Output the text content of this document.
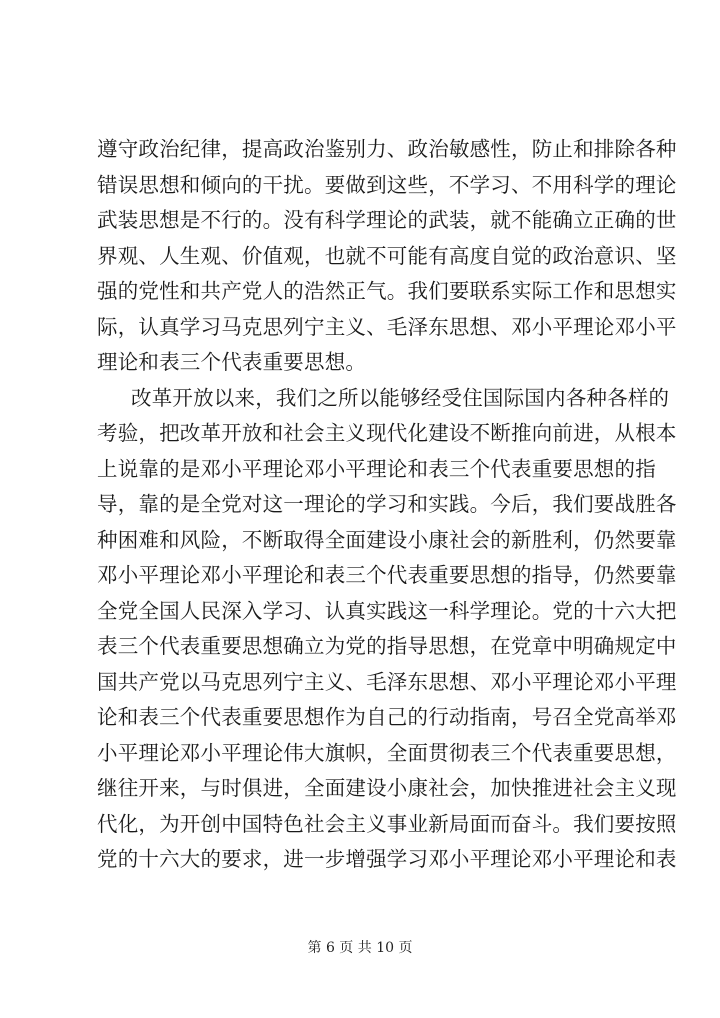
遵守政治纪律，提高政治鉴别力、政治敏感性，防止和排除各种
错误思想和倾向的干扰。要做到这些，不学习、不用科学的理论
武装思想是不行的。没有科学理论的武装，就不能确立正确的世
界观、人生观、价值观，也就不可能有高度自觉的政治意识、坚
强的党性和共产党人的浩然正气。我们要联系实际工作和思想实
际，认真学习马克思列宁主义、毛泽东思想、邓小平理论邓小平
理论和表三个代表重要思想。
改革开放以来，我们之所以能够经受住国际国内各种各样的
考验，把改革开放和社会主义现代化建设不断推向前进，从根本
上说靠的是邓小平理论邓小平理论和表三个代表重要思想的指
导，靠的是全党对这一理论的学习和实践。今后，我们要战胜各
种困难和风险，不断取得全面建设小康社会的新胜利，仍然要靠
邓小平理论邓小平理论和表三个代表重要思想的指导，仍然要靠
全党全国人民深入学习、认真实践这一科学理论。党的十六大把
表三个代表重要思想确立为党的指导思想，在党章中明确规定中
国共产党以马克思列宁主义、毛泽东思想、邓小平理论邓小平理
论和表三个代表重要思想作为自己的行动指南，号召全党高举邓
小平理论邓小平理论伟大旗帜，全面贯彻表三个代表重要思想，
继往开来，与时俱进，全面建设小康社会，加快推进社会主义现
代化，为开创中国特色社会主义事业新局面而奋斗。我们要按照
党的十六大的要求，进一步增强学习邓小平理论邓小平理论和表
第 6 页 共 10 页
